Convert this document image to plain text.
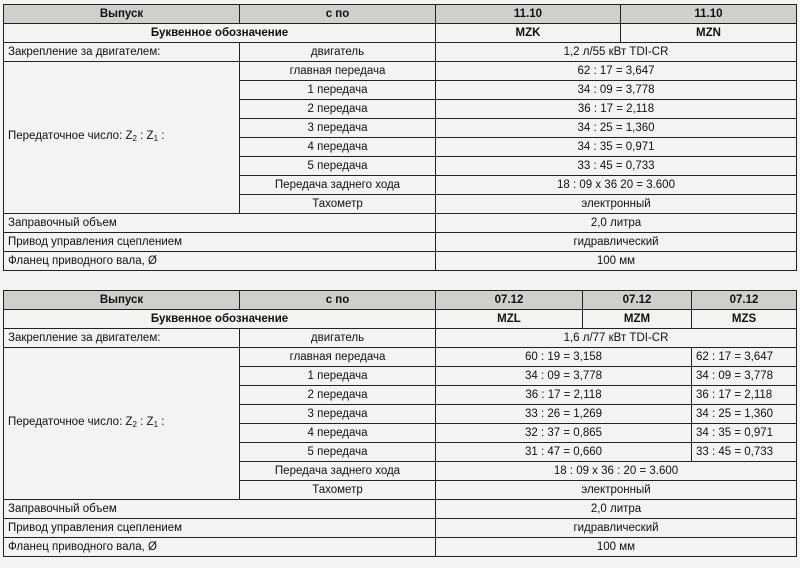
Выпуск	с по	11.10	11.10
Буквенное обозначение		MZK	MZN
Закрепление за двигателем:	двигатель	1,2 л/55 кВт TDI-CR	
Передаточное число: $Z_2$ : $Z_1$ :	главная передача	62 : 17 = 3,647	
	1 передача	34 : 09 = 3,778	
	2 передача	36 : 17 = 2,118	
	3 передача	34 : 25 = 1,360	
	4 передача	34 : 35 = 0,971	
	5 передача	33 : 45 = 0,733	
	Передача заднего хода	18 : 09 x 36 20 = 3.600	
	Тахометр	электронный	
Заправочный объем		2,0 литра	
Привод управления сцеплением		гидравлический	
Фланец приводного вала, Ø		100 мм	
Выпуск	с по	07.12	07.12	07.12
Буквенное обозначение		MZL	MZM	MZS
Закрепление за двигателем:	двигатель	1,6 л/77 кВт TDI-CR		
Передаточное число: $Z_2$ : $Z_1$ :	главная передача	60 : 19 = 3,158		62 : 17 = 3,647
	1 передача	34 : 09 = 3,778		34 : 09 = 3,778
	2 передача	36 : 17 = 2,118		36 : 17 = 2,118
	3 передача	33 : 26 = 1,269		34 : 25 = 1,360
	4 передача	32 : 37 = 0,865		34 : 35 = 0,971
	5 передача	31 : 47 = 0,660		33 : 45 = 0,733
	Передача заднего хода	18 : 09 x 36 : 20 = 3.600		
	Тахометр	электронный		
Заправочный объем		2,0 литра		
Привод управления сцеплением		гидравлический		
Фланец приводного вала, Ø		100 мм		
